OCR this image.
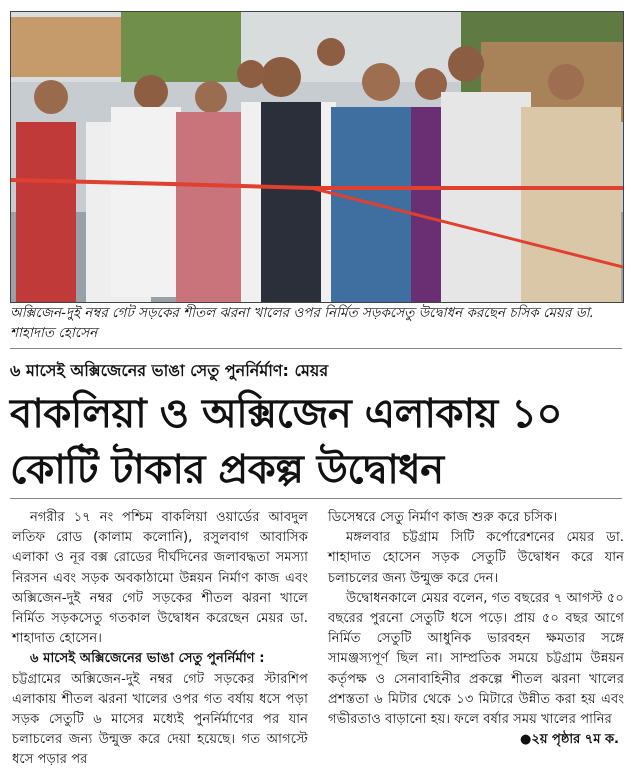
অক্সিজেন-দুই নম্বর গেট সড়কের শীতল ঝরনা খালের ওপর নির্মিত সড়কসেতু উদ্বোধন করছেন চসিক মেয়র ডা. শাহাদাত হোসেন
৬ মাসেই অক্সিজেনের ভাঙা সেতু পুনর্নির্মাণ: মেয়র
বাকলিয়া ও অক্সিজেন এলাকায় ১০
কোটি টাকার প্রকল্প উদ্বোধন

নগরীর ১৭ নং পশ্চিম বাকলিয়া ওয়ার্ডের আবদুল লতিফ রোড (কালাম কলোনি), রসুলবাগ আবাসিক এলাকা ও নূর বক্স রোডের দীর্ঘদিনের জলাবদ্ধতা সমস্যা নিরসন এবং সড়ক অবকাঠামো উন্নয়ন নির্মাণ কাজ এবং অক্সিজেন-দুই নম্বর গেট সড়কের শীতল ঝরনা খালে নির্মিত সড়কসেতু গতকাল উদ্বোধন করেছেন মেয়র ডা. শাহাদাত হোসেন।

৬ মাসেই অক্সিজেনের ভাঙা সেতু পুনর্নির্মাণ :

চট্টগ্রামের অক্সিজেন-দুই নম্বর গেট সড়কের স্টারশিপ এলাকায় শীতল ঝরনা খালের ওপর গত বর্ষায় ধসে পড়া সড়ক সেতুটি ৬ মাসের মধ্যেই পুনর্নির্মাণের পর যান চলাচলের জন্য উন্মুক্ত করে দেয়া হয়েছে। গত আগস্টে ধসে পড়ার পর

ডিসেম্বরে সেতু নির্মাণ কাজ শুরু করে চসিক।

মঙ্গলবার চট্টগ্রাম সিটি কর্পোরেশনের মেয়র ডা. শাহাদাত হোসেন সড়ক সেতুটি উদ্বোধন করে যান চলাচলের জন্য উন্মুক্ত করে দেন।

উদ্বোধনকালে মেয়র বলেন, গত বছরের ৭ আগস্ট ৫০ বছরের পুরনো সেতুটি ধসে পড়ে। প্রায় ৫০ বছর আগে নির্মিত সেতুটি আধুনিক ভারবহন ক্ষমতার সঙ্গে সামঞ্জস্যপূর্ণ ছিল না। সাম্প্রতিক সময়ে চট্টগ্রাম উন্নয়ন কর্তৃপক্ষ ও সেনাবাহিনীর প্রকল্পে শীতল ঝরনা খালের প্রশস্ততা ৬ মিটার থেকে ১৩ মিটারে উন্নীত করা হয় এবং গভীরতাও বাড়ানো হয়। ফলে বর্ষার সময় খালের পানির

●২য় পৃষ্ঠার ৭ম ক.
